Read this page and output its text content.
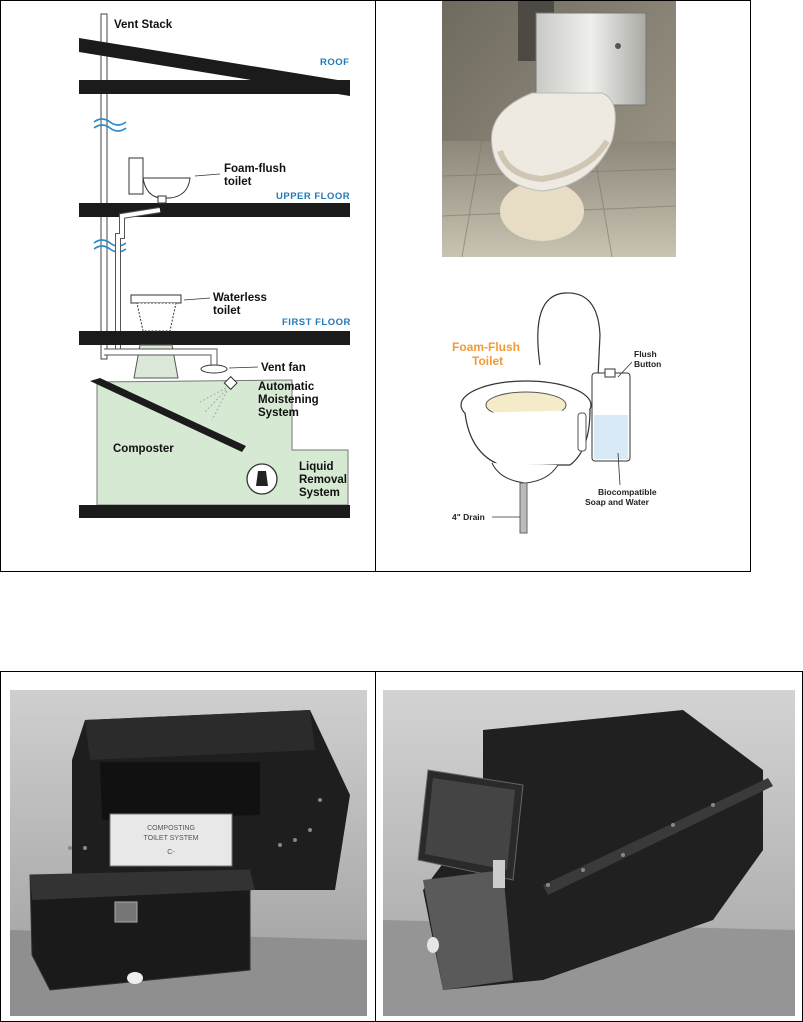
Vent Stack
ROOF
Foam-flush
toilet
UPPER FLOOR
Waterless
toilet
FIRST FLOOR
Vent fan
Automatic
Moistening
System
Composter
Liquid
Removal
System
Foam-Flush
Toilet	Flush
Button
Biocompatible
Soap and Water
4" Drain
COMPOSTING
TOILET SYSTEM
C-
